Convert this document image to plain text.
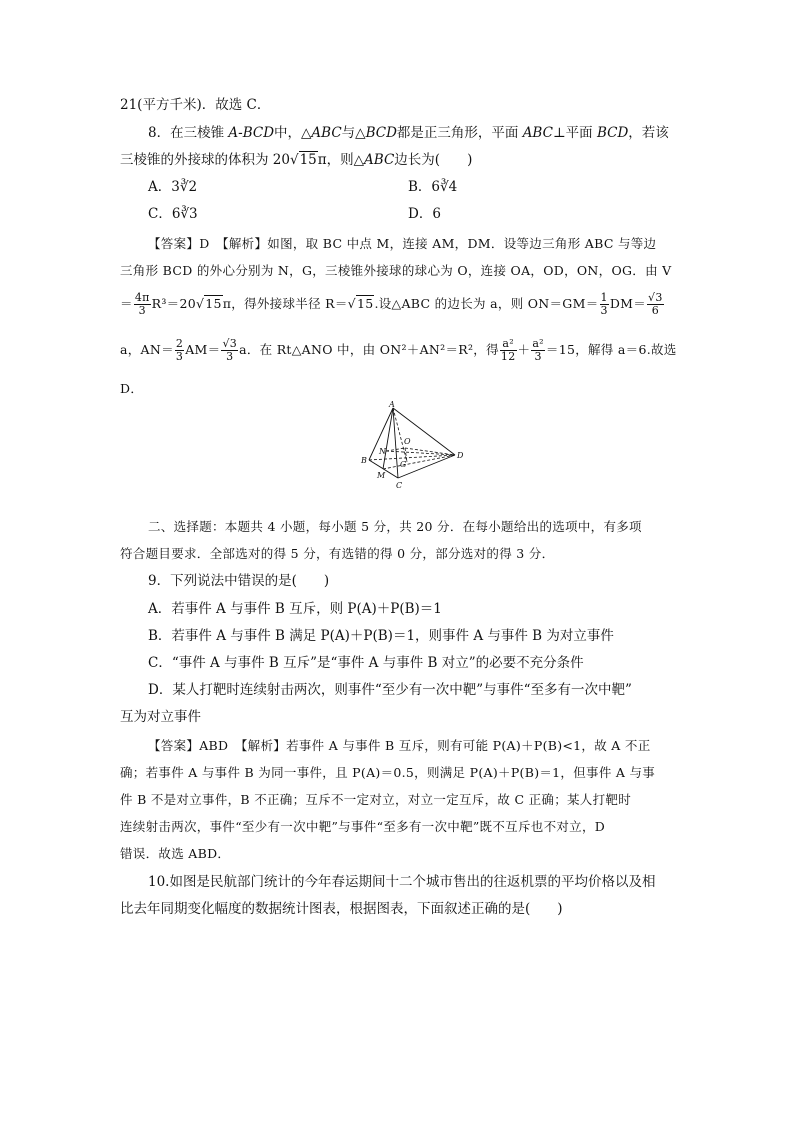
21(平方千米)．故选 C．
8．在三棱锥 A-BCD中，△ABC与△BCD都是正三角形，平面 ABC⊥平面 BCD，若该
三棱锥的外接球的体积为 20√15π，则△ABC边长为(　　)
A．3∛2	B．6∛4
C．6∛3	D．6
【答案】D　【解析】如图，取 BC 中点 M，连接 AM，DM．设等边三角形 ABC 与等边
三角形 BCD 的外心分别为 N，G，三棱锥外接球的球心为 O，连接 OA，OD，ON，OG．由 V
＝ $\frac{4\pi}{3} R^3=20√15\pi$，得外接球半径 R＝√15.设△ABC 的边长为 a，则 $ON=GM= \frac{1}{3} DM= \frac{√3}{6}$
a，$AN= \frac{2}{3} AM= \frac{√3}{3}$ a．在 Rt△ANO 中，由 ON²＋AN²＝R²，得 $\frac{\text{a²}}{12} + \frac{\text{a²}}{3} =15$，解得 a＝6.故选
D．
A
B
C
D
O
N
G
M
二、选择题：本题共 4 小题，每小题 5 分，共 20 分．在每小题给出的选项中，有多项
符合题目要求．全部选对的得 5 分，有选错的得 0 分，部分选对的得 3 分．
9．下列说法中错误的是(　　)
A．若事件 A 与事件 B 互斥，则 P(A)＋P(B)＝1
B．若事件 A 与事件 B 满足 P(A)＋P(B)＝1，则事件 A 与事件 B 为对立事件
C．“事件 A 与事件 B 互斥”是“事件 A 与事件 B 对立”的必要不充分条件
D．某人打靶时连续射击两次，则事件“至少有一次中靶”与事件“至多有一次中靶”
互为对立事件
【答案】ABD　【解析】若事件 A 与事件 B 互斥，则有可能 P(A)＋P(B)<1，故 A 不正
确；若事件 A 与事件 B 为同一事件，且 P(A)＝0.5，则满足 P(A)＋P(B)＝1，但事件 A 与事
件 B 不是对立事件，B 不正确；互斥不一定对立，对立一定互斥，故 C 正确；某人打靶时
连续射击两次，事件“至少有一次中靶”与事件“至多有一次中靶”既不互斥也不对立，D
错误．故选 ABD．
10.如图是民航部门统计的今年春运期间十二个城市售出的往返机票的平均价格以及相
比去年同期变化幅度的数据统计图表，根据图表，下面叙述正确的是(　　)
